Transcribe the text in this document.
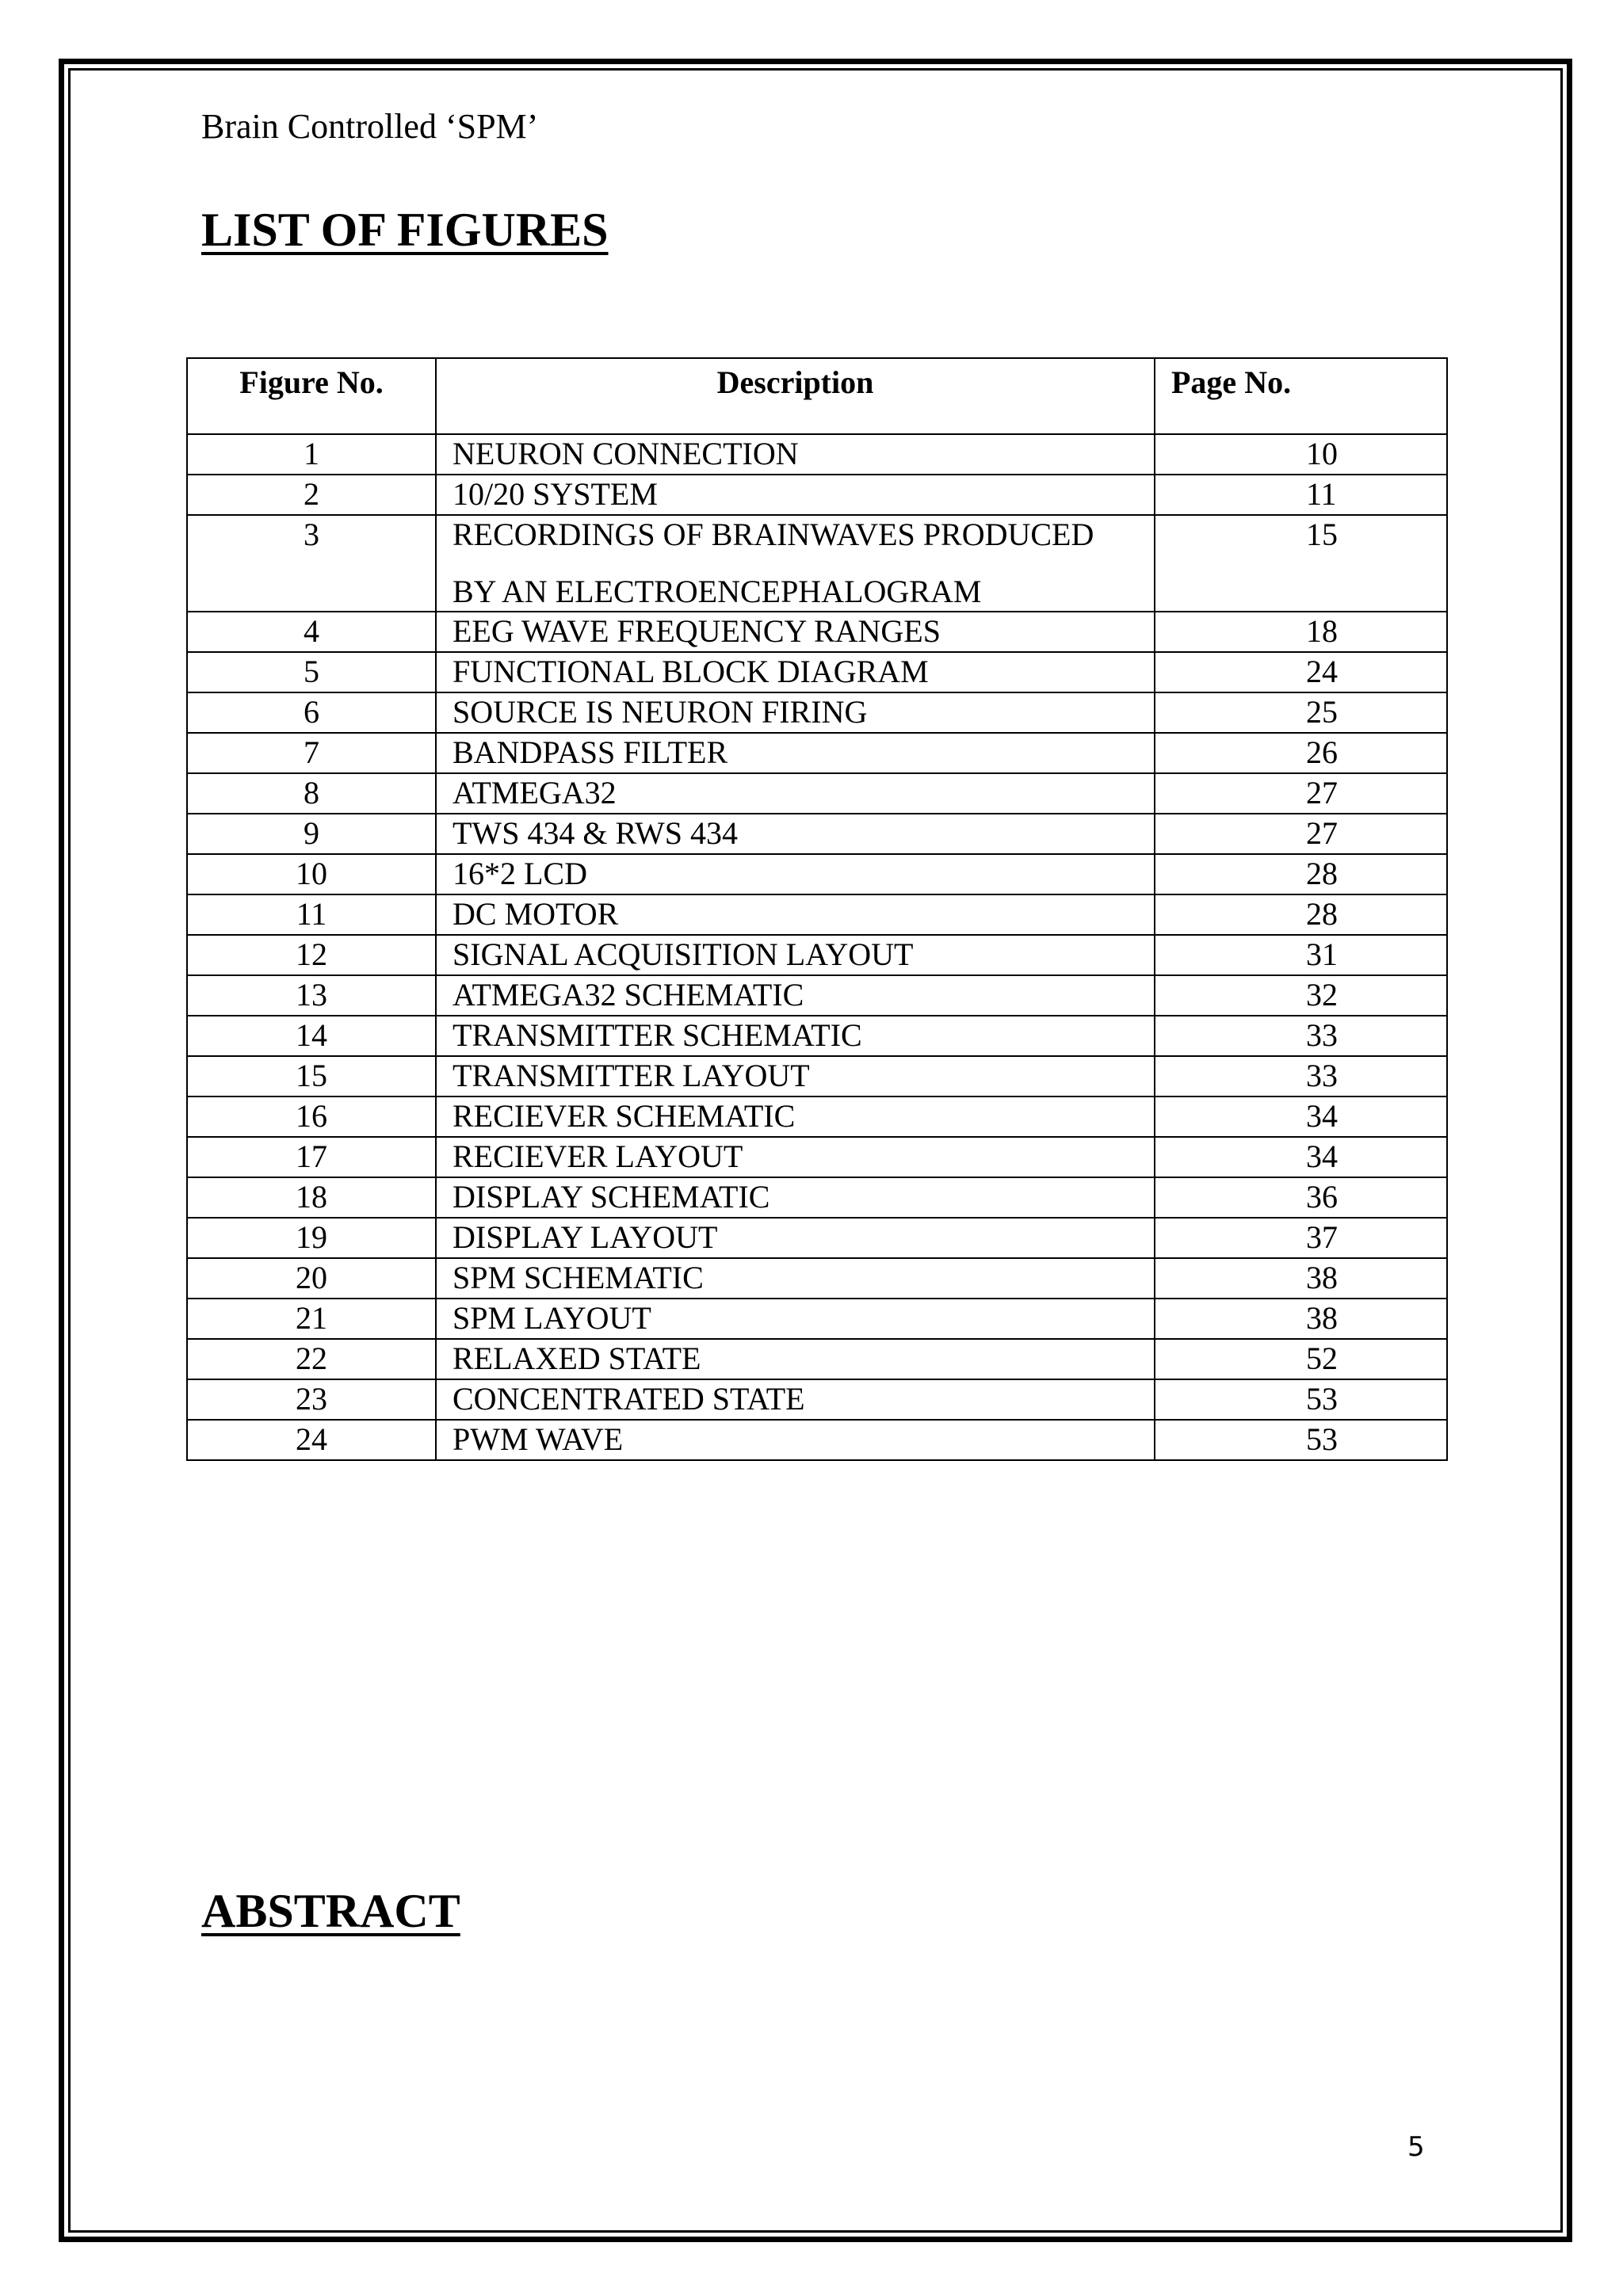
Brain Controlled ‘SPM’
LIST OF FIGURES
Figure No.	Description	Page No.
1	NEURON CONNECTION	10
2	10/20 SYSTEM	11
3	RECORDINGS OF BRAINWAVES PRODUCED
BY AN ELECTROENCEPHALOGRAM	15
4	EEG WAVE FREQUENCY RANGES	18
5	FUNCTIONAL BLOCK DIAGRAM	24
6	SOURCE IS NEURON FIRING	25
7	BANDPASS FILTER	26
8	ATMEGA32	27
9	TWS 434 & RWS 434	27
10	16*2 LCD	28
11	DC MOTOR	28
12	SIGNAL ACQUISITION LAYOUT	31
13	ATMEGA32 SCHEMATIC	32
14	TRANSMITTER SCHEMATIC	33
15	TRANSMITTER LAYOUT	33
16	RECIEVER SCHEMATIC	34
17	RECIEVER LAYOUT	34
18	DISPLAY SCHEMATIC	36
19	DISPLAY LAYOUT	37
20	SPM SCHEMATIC	38
21	SPM LAYOUT	38
22	RELAXED STATE	52
23	CONCENTRATED STATE	53
24	PWM WAVE	53
ABSTRACT
5
